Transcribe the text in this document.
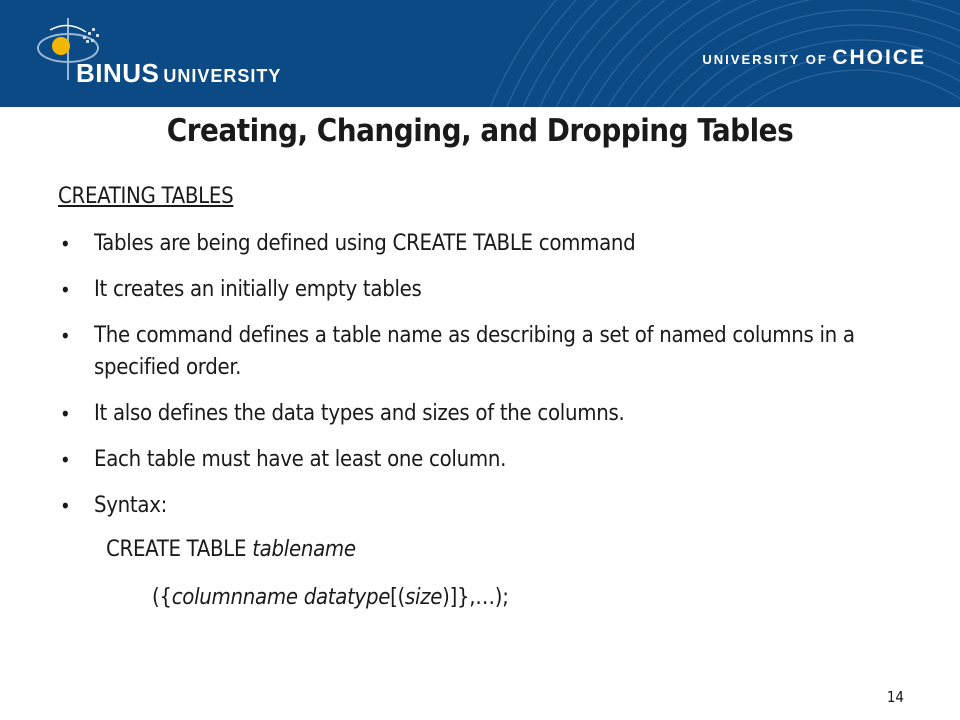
BINUS UNIVERSITY
UNIVERSITY OF CHOICE
Creating, Changing, and Dropping Tables
CREATING TABLES
• Tables are being defined using CREATE TABLE command
• It creates an initially empty tables
• The command defines a table name as describing a set of named columns in a specified order.
• It also defines the data types and sizes of the columns.
• Each table must have at least one column.
• Syntax:
CREATE TABLE tablename
({columnname datatype[(size)]},…);
14
